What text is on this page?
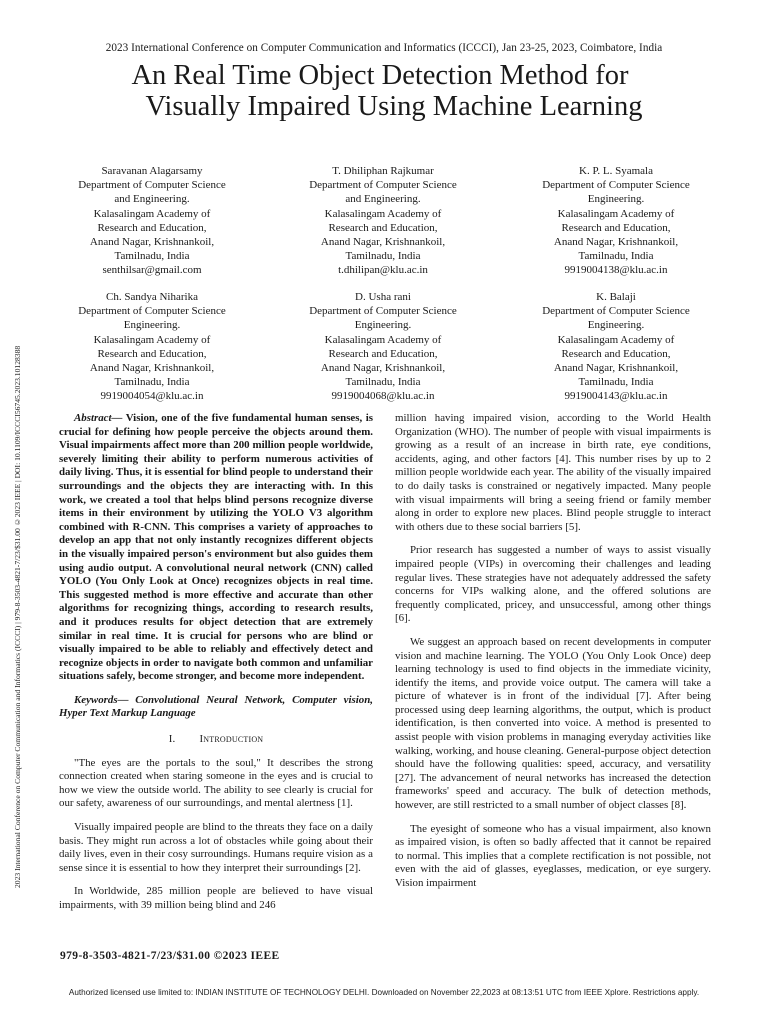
2023 International Conference on Computer Communication and Informatics (ICCCI), Jan 23-25, 2023, Coimbatore, India
An Real Time Object Detection Method for
Visually Impaired Using Machine Learning
2023 International Conference on Computer Communication and Informatics (ICCCI) | 979-8-3503-4821-7/23/$31.00 ©2023 IEEE | DOI: 10.1109/ICCCI56745.2023.10128388
Saravanan Alagarsamy
Department of Computer Science
and Engineering.
Kalasalingam Academy of
Research and Education,
Anand Nagar, Krishnankoil,
Tamilnadu, India
senthilsar@gmail.com
T. Dhiliphan Rajkumar
Department of Computer Science
and Engineering.
Kalasalingam Academy of
Research and Education,
Anand Nagar, Krishnankoil,
Tamilnadu, India
t.dhilipan@klu.ac.in
K. P. L. Syamala
Department of Computer Science
Engineering.
Kalasalingam Academy of
Research and Education,
Anand Nagar, Krishnankoil,
Tamilnadu, India
9919004138@klu.ac.in
Ch. Sandya Niharika
Department of Computer Science
Engineering.
Kalasalingam Academy of
Research and Education,
Anand Nagar, Krishnankoil,
Tamilnadu, India
9919004054@klu.ac.in
D. Usha rani
Department of Computer Science
Engineering.
Kalasalingam Academy of
Research and Education,
Anand Nagar, Krishnankoil,
Tamilnadu, India
9919004068@klu.ac.in
K. Balaji
Department of Computer Science
Engineering.
Kalasalingam Academy of
Research and Education,
Anand Nagar, Krishnankoil,
Tamilnadu, India
9919004143@klu.ac.in

Abstract— Vision, one of the five fundamental human senses, is crucial for defining how people perceive the objects around them. Visual impairments affect more than 200 million people worldwide, severely limiting their ability to perform numerous activities of daily living. Thus, it is essential for blind people to understand their surroundings and the objects they are interacting with. In this work, we created a tool that helps blind persons recognize diverse items in their environment by utilizing the YOLO V3 algorithm combined with R-CNN. This comprises a variety of approaches to develop an app that not only instantly recognizes different objects in the visually impaired person's environment but also guides them using audio output. A convolutional neural network (CNN) called YOLO (You Only Look at Once) recognizes objects in real time. This suggested method is more effective and accurate than other algorithms for recognizing things, according to research results, and it produces results for object detection that are extremely similar in real time. It is crucial for persons who are blind or visually impaired to be able to reliably and effectively detect and recognize objects in order to navigate both common and unfamiliar situations safely, become stronger, and become more independent.

Keywords— Convolutional Neural Network, Computer vision, Hyper Text Markup Language

I. Introduction

"The eyes are the portals to the soul," It describes the strong connection created when staring someone in the eyes and is crucial to how we view the outside world. The ability to see clearly is crucial for our safety, awareness of our surroundings, and mental alertness [1].

Visually impaired people are blind to the threats they face on a daily basis. They might run across a lot of obstacles while going about their daily lives, even in their cosy surroundings. Humans require vision as a sense since it is essential to how they interpret their surroundings [2].

In Worldwide, 285 million people are believed to have visual impairments, with 39 million being blind and 246

million having impaired vision, according to the World Health Organization (WHO). The number of people with visual impairments is growing as a result of an increase in birth rate, eye conditions, accidents, aging, and other factors [4]. This number rises by up to 2 million people worldwide each year. The ability of the visually impaired to do daily tasks is constrained or negatively impacted. Many people with visual impairments will bring a seeing friend or family member along in order to explore new places. Blind people struggle to interact with others due to these social barriers [5].

Prior research has suggested a number of ways to assist visually impaired people (VIPs) in overcoming their challenges and leading regular lives. These strategies have not adequately addressed the safety concerns for VIPs walking alone, and the offered solutions are frequently complicated, pricey, and unsuccessful, among other things [6].

We suggest an approach based on recent developments in computer vision and machine learning. The YOLO (You Only Look Once) deep learning technology is used to find objects in the immediate vicinity, identify the items, and provide voice output. The camera will take a picture of whatever is in front of the individual [7]. After being processed using deep learning algorithms, the output, which is product identification, is then converted into voice. A method is presented to assist people with vision problems in managing everyday activities like walking, working, and house cleaning. General-purpose object detection should have the following qualities: speed, accuracy, and versatility [27]. The advancement of neural networks has increased the detection frameworks' speed and accuracy. The bulk of detection methods, however, are still restricted to a small number of object classes [8].

The eyesight of someone who has a visual impairment, also known as impaired vision, is often so badly affected that it cannot be repaired to normal. This implies that a complete rectification is not possible, not even with the aid of glasses, eyeglasses, medication, or eye surgery. Vision impairment

979-8-3503-4821-7/23/$31.00 ©2023 IEEE
Authorized licensed use limited to: INDIAN INSTITUTE OF TECHNOLOGY DELHI. Downloaded on November 22,2023 at 08:13:51 UTC from IEEE Xplore. Restrictions apply.
